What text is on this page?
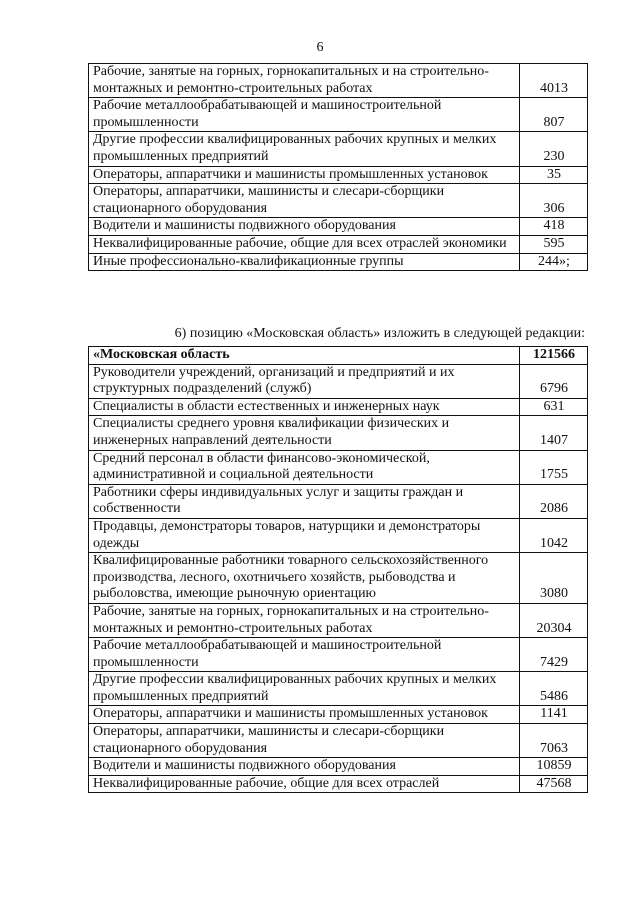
6
Рабочие, занятые на горных, горнокапитальных и на строительно-монтажных и ремонтно-строительных работах	4013
Рабочие металлообрабатывающей и машиностроительной промышленности	807
Другие профессии квалифицированных рабочих крупных и мелких промышленных предприятий	230
Операторы, аппаратчики и машинисты промышленных установок	35
Операторы, аппаратчики, машинисты и слесари-сборщики стационарного оборудования	306
Водители и машинисты подвижного оборудования	418
Неквалифицированные рабочие, общие для всех отраслей экономики	595
Иные профессионально-квалификационные группы	244»;
6) позицию «Московская область» изложить в следующей редакции:
«Московская область	121566
Руководители учреждений, организаций и предприятий и их структурных подразделений (служб)	6796
Специалисты в области естественных и инженерных наук	631
Специалисты среднего уровня квалификации физических и инженерных направлений деятельности	1407
Средний персонал в области финансово-экономической, административной и социальной деятельности	1755
Работники сферы индивидуальных услуг и защиты граждан и собственности	2086
Продавцы, демонстраторы товаров, натурщики и демонстраторы одежды	1042
Квалифицированные работники товарного сельскохозяйственного производства, лесного, охотничьего хозяйств, рыбоводства и рыболовства, имеющие рыночную ориентацию	3080
Рабочие, занятые на горных, горнокапитальных и на строительно-монтажных и ремонтно-строительных работах	20304
Рабочие металлообрабатывающей и машиностроительной промышленности	7429
Другие профессии квалифицированных рабочих крупных и мелких промышленных предприятий	5486
Операторы, аппаратчики и машинисты промышленных установок	1141
Операторы, аппаратчики, машинисты и слесари-сборщики стационарного оборудования	7063
Водители и машинисты подвижного оборудования	10859
Неквалифицированные рабочие, общие для всех отраслей	47568
